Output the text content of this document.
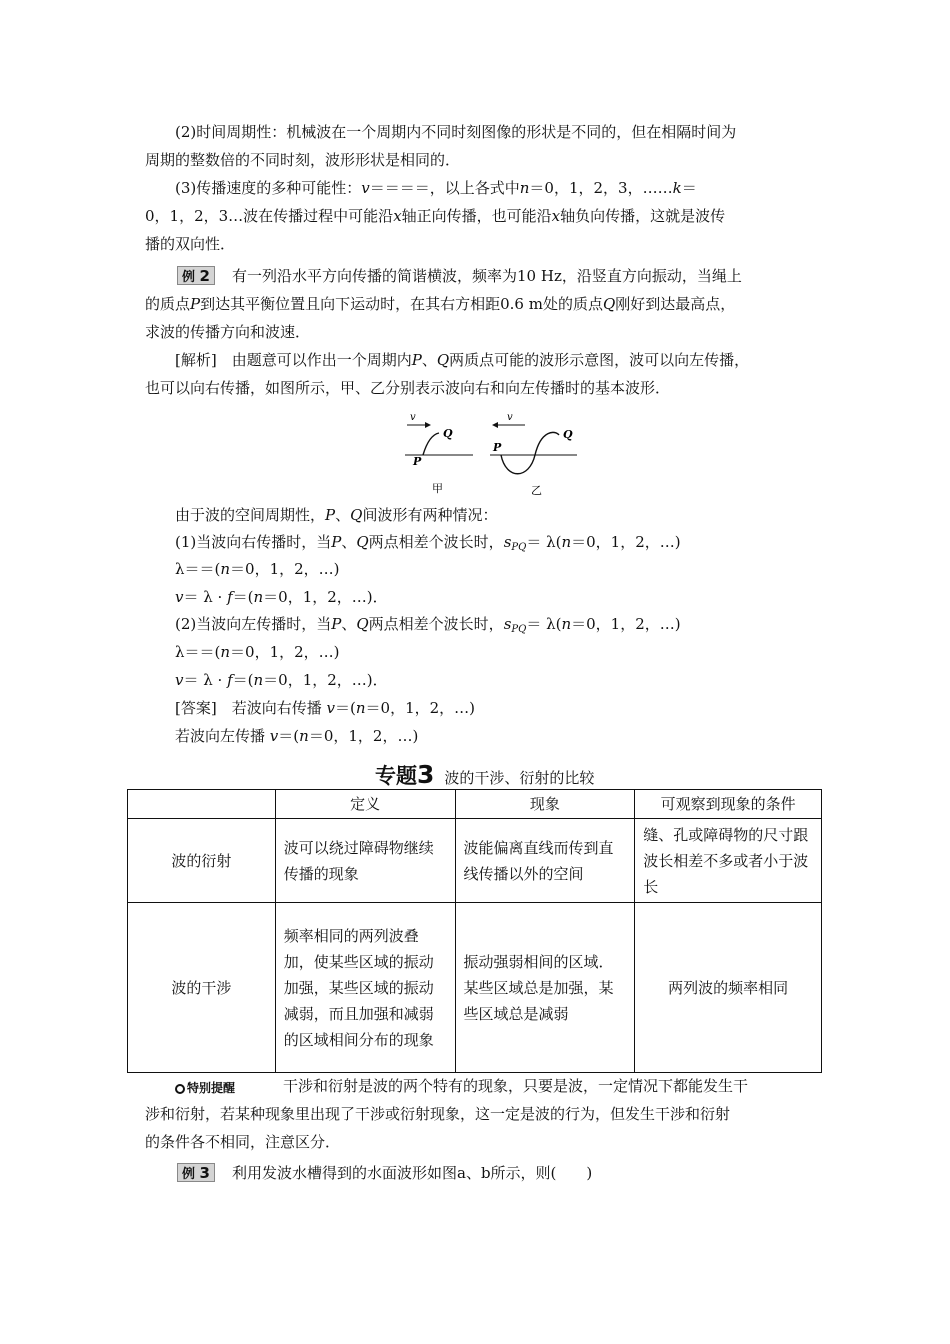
(2)时间周期性：机械波在一个周期内不同时刻图像的形状是不同的，但在相隔时间为
周期的整数倍的不同时刻，波形形状是相同的．
(3)传播速度的多种可能性：v＝＝＝＝，以上各式中n＝0，1，2，3，……k＝
0，1，2，3…波在传播过程中可能沿x轴正向传播，也可能沿x轴负向传播，这就是波传
播的双向性．
例 2	有一列沿水平方向传播的简谐横波，频率为10 Hz，沿竖直方向振动，当绳上
的质点P到达其平衡位置且向下运动时，在其右方相距0.6 m处的质点Q刚好到达最高点，
求波的传播方向和波速．
[解析]　 由题意可以作出一个周期内P、Q两质点可能的波形示意图，波可以向左传播，
也可以向右传播，如图所示，甲、乙分别表示波向右和向左传播时的基本波形．
v
P
Q
甲
v
P
Q
乙
由于波的空间周期性，P、Q间波形有两种情况：
(1)当波向右传播时，当P、Q两点相差个波长时，$s_{PQ}= \lambda(n=0$，1，2，…)
λ＝＝(n＝0，1，2，…)
v＝ λ · f＝(n＝0，1，2，…)．
(2)当波向左传播时，当P、Q两点相差个波长时，$s_{PQ}= \lambda(n=0$，1，2，…)
λ＝＝(n＝0，1，2，…)
v＝ λ · f＝(n＝0，1，2，…)．
[答案]　 若波向右传播 v＝(n＝0，1，2，…)
若波向左传播 v＝(n＝0，1，2，…)
专题3 波的干涉、衍射的比较
	定义	现象	可观察到现象的条件
波的衍射	波可以绕过障碍物继续传播的现象	波能偏离直线而传到直线传播以外的空间	缝、孔或障碍物的尺寸跟波长相差不多或者小于波长
波的干涉	频率相同的两列波叠加，使某些区域的振动加强，某些区域的振动减弱，而且加强和减弱的区域相间分布的现象	振动强弱相间的区域．某些区域总是加强，某些区域总是减弱	两列波的频率相同
特别提醒	干涉和衍射是波的两个特有的现象，只要是波，一定情况下都能发生干
涉和衍射，若某种现象里出现了干涉或衍射现象，这一定是波的行为，但发生干涉和衍射
的条件各不相同，注意区分．
例 3	利用发波水槽得到的水面波形如图a、b所示，则(　　)
